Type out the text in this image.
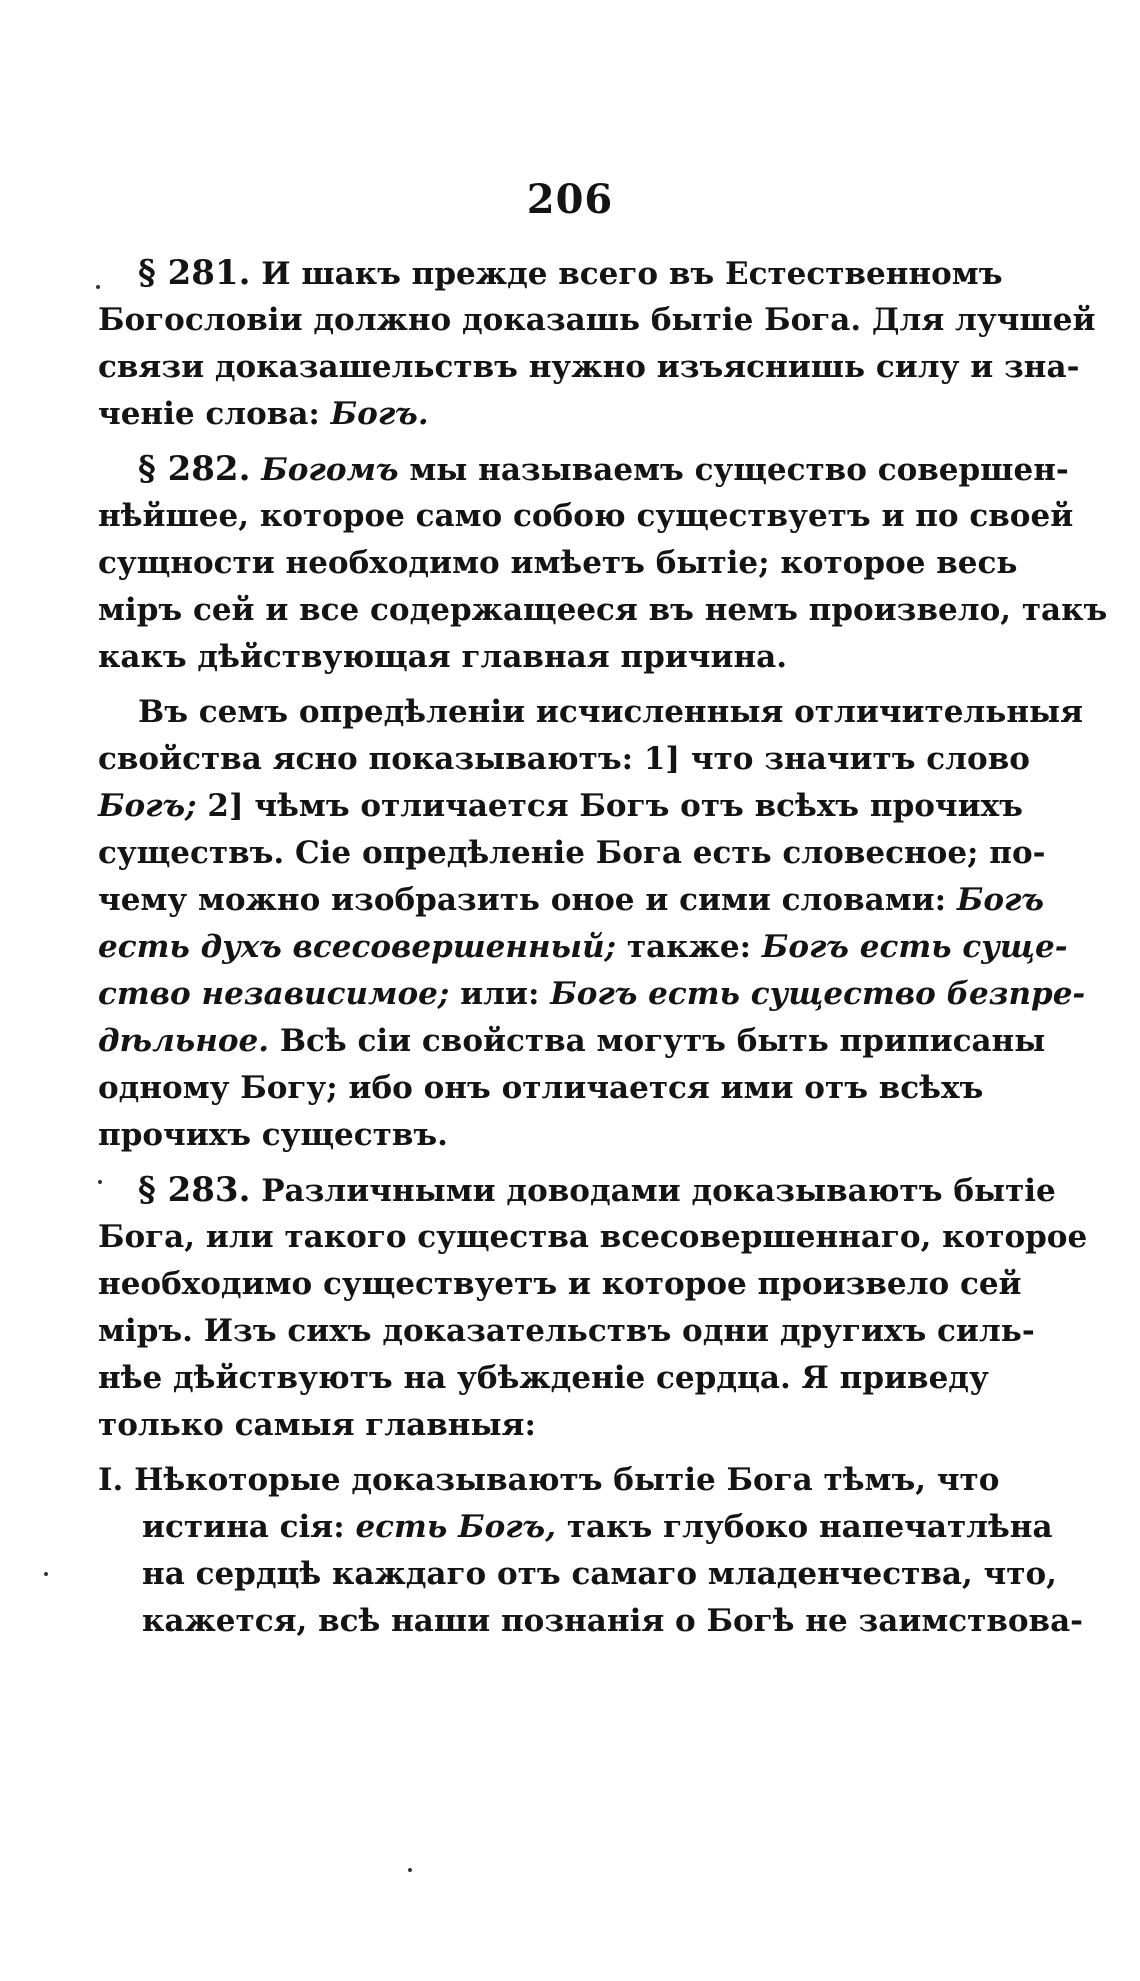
206
§ 281. И шакъ прежде всего въ Естественномъ
Богословіи должно доказашь бытіе Бога. Для лучшей
связи доказашельствъ нужно изъяснишь силу и зна-
ченіе слова: Богъ.
§ 282. Богомъ мы называемъ существо совершен-
нѣйшее, которое само собою существуетъ и по своей
сущности необходимо имѣетъ бытіе; которое весь
міръ сей и все содержащееся въ немъ произвело, такъ
какъ дѣйствующая главная причина.
Въ семъ опредѣленіи исчисленныя отличительныя
свойства ясно показываютъ: 1] что значитъ слово
Богъ; 2] чѣмъ отличается Богъ отъ всѣхъ прочихъ
существъ. Сіе опредѣленіе Бога есть словесное; по-
чему можно изобразить оное и сими словами: Богъ
есть духъ всесовершенный; также: Богъ есть суще-
ство независимое; или: Богъ есть существо безпре-
дѣльное. Всѣ сіи свойства могутъ быть приписаны
одному Богу; ибо онъ отличается ими отъ всѣхъ
прочихъ существъ.
§ 283. Различными доводами доказываютъ бытіе
Бога, или такого существа всесовершеннаго, которое
необходимо существуетъ и которое произвело сей
міръ. Изъ сихъ доказательствъ одни другихъ силь-
нѣе дѣйствуютъ на убѣжденіе сердца. Я приведу
только самыя главныя:
I. Нѣкоторые доказываютъ бытіе Бога тѣмъ, что
истина сія: есть Богъ, такъ глубоко напечатлѣна
на сердцѣ каждаго отъ самаго младенчества, что,
кажется, всѣ наши познанія о Богѣ не заимствова-
